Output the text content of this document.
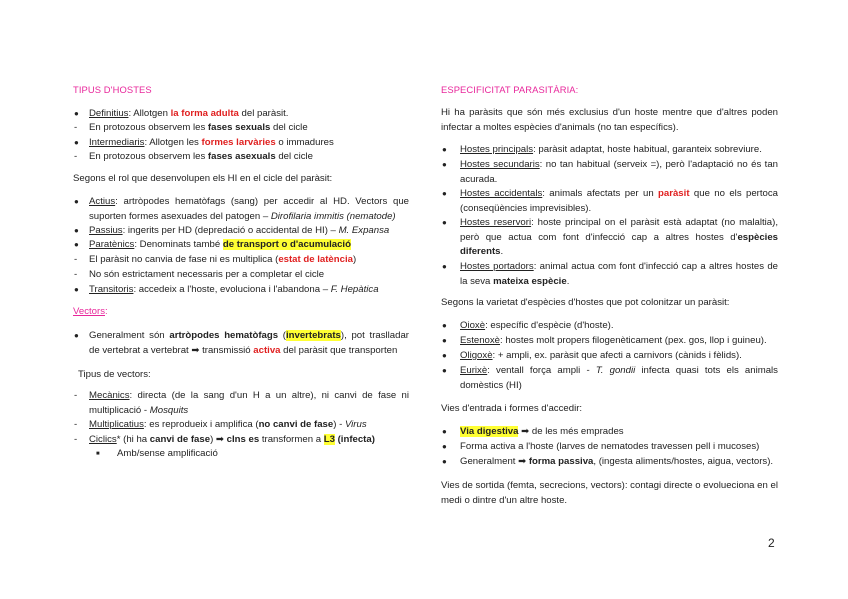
TIPUS D'HOSTES
●	Definitius: Allotgen la forma adulta del paràsit.
-	En protozous observem les fases sexuals del cicle
●	Intermediaris: Allotgen les formes larvàries o immadures
-	En protozous observem les fases asexuals del cicle
Segons el rol que desenvolupen els HI en el cicle del paràsit:
●	Actius: artròpodes hematòfags (sang) per accedir al HD. Vectors que suporten formes asexuades del patogen – Dirofilaria immitis (nematode)
●	Passius: ingerits per HD (depredació o accidental de HI) – M. Expansa
●	Paratènics: Denominats també de transport o d'acumulació
-	El paràsit no canvia de fase ni es multiplica (estat de latència)
-	No són estrictament necessaris per a completar el cicle
●	Transitoris: accedeix a l'hoste, evoluciona i l'abandona – F. Hepàtica
Vectors:
●	Generalment són artròpodes hematòfags (invertebrats), pot traslladar de vertebrat a vertebrat ➡ transmissió activa del paràsit que transporten
Tipus de vectors:
-	Mecànics: directa (de la sang d'un H a un altre), ni canvi de fase ni multiplicació - Mosquits
-	Multiplicatius: es reprodueix i amplifica (no canvi de fase) - Virus
-	Ciclics* (hi ha canvi de fase) ➡ cIns es transformen a L3 (infecta)
■ Amb/sense amplificació
ESPECIFICITAT PARASITÀRIA:
Hi ha paràsits que són més exclusius d'un hoste mentre que d'altres poden infectar a moltes espècies d'animals (no tan específics).
●	Hostes principals: paràsit adaptat, hoste habitual, garanteix sobreviure.
●	Hostes secundaris: no tan habitual (serveix =), però l'adaptació no és tan acurada.
●	Hostes accidentals: animals afectats per un paràsit que no els pertoca (conseqüències imprevisibles).
●	Hostes reservori: hoste principal on el paràsit està adaptat (no malaltia), però que actua com font d'infecció cap a altres hostes d'espècies diferents.
●	Hostes portadors: animal actua com font d'infecció cap a altres hostes de la seva mateixa espècie.
Segons la varietat d'espècies d'hostes que pot colonitzar un paràsit:
●	Oioxè: específic d'espècie (d'hoste).
●	Estenoxè: hostes molt propers filogenèticament (pex. gos, llop i guineu).
●	Oligoxè: + ampli, ex. paràsit que afecti a carnivors (cànids i fèlids).
●	Eurixè: ventall força ampli - T. gondii infecta quasi tots els animals domèstics (HI)
Vies d'entrada i formes d'accedir:
●	Via digestiva ➡ de les més emprades
●	Forma activa a l'hoste (larves de nematodes travessen pell i mucoses)
●	Generalment ➡ forma passiva, (ingesta aliments/hostes, aigua, vectors).
Vies de sortida (femta, secrecions, vectors): contagi directe o evolueciona en el medi o dintre d'un altre hoste.
2
